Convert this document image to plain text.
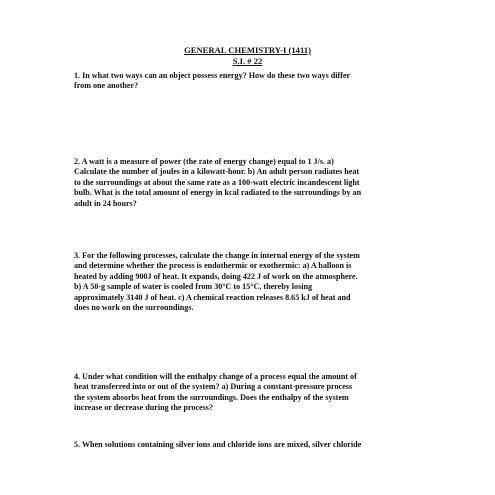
GENERAL CHEMISTRY-I (1411)
S.I. # 22
1. In what two ways can an object possess energy? How do these two ways differ
from one another?
2. A watt is a measure of power (the rate of energy change) equal to 1 J/s. a)
Calculate the number of joules in a kilowatt-hour. b) An adult person radiates heat
to the surroundings at about the same rate as a 100-watt electric incandescent light
bulb. What is the total amount of energy in kcal radiated to the surroundings by an
adult in 24 hours?
3. For the following processes, calculate the change in internal energy of the system
and determine whether the process is endothermic or exothermic: a) A balloon is
heated by adding 900J of heat. It expands, doing 422 J of work on the atmosphere.
b) A 50-g sample of water is cooled from 30°C to 15°C, thereby losing
approximately 3140 J of heat. c) A chemical reaction releases 8.65 kJ of heat and
does no work on the surroundings.
4. Under what condition will the enthalpy change of a process equal the amount of
heat transferred into or out of the system? a) During a constant-pressure process
the system absorbs heat from the surroundings. Does the enthalpy of the system
increase or decrease during the process?
5. When solutions containing silver ions and chloride ions are mixed, silver chloride
